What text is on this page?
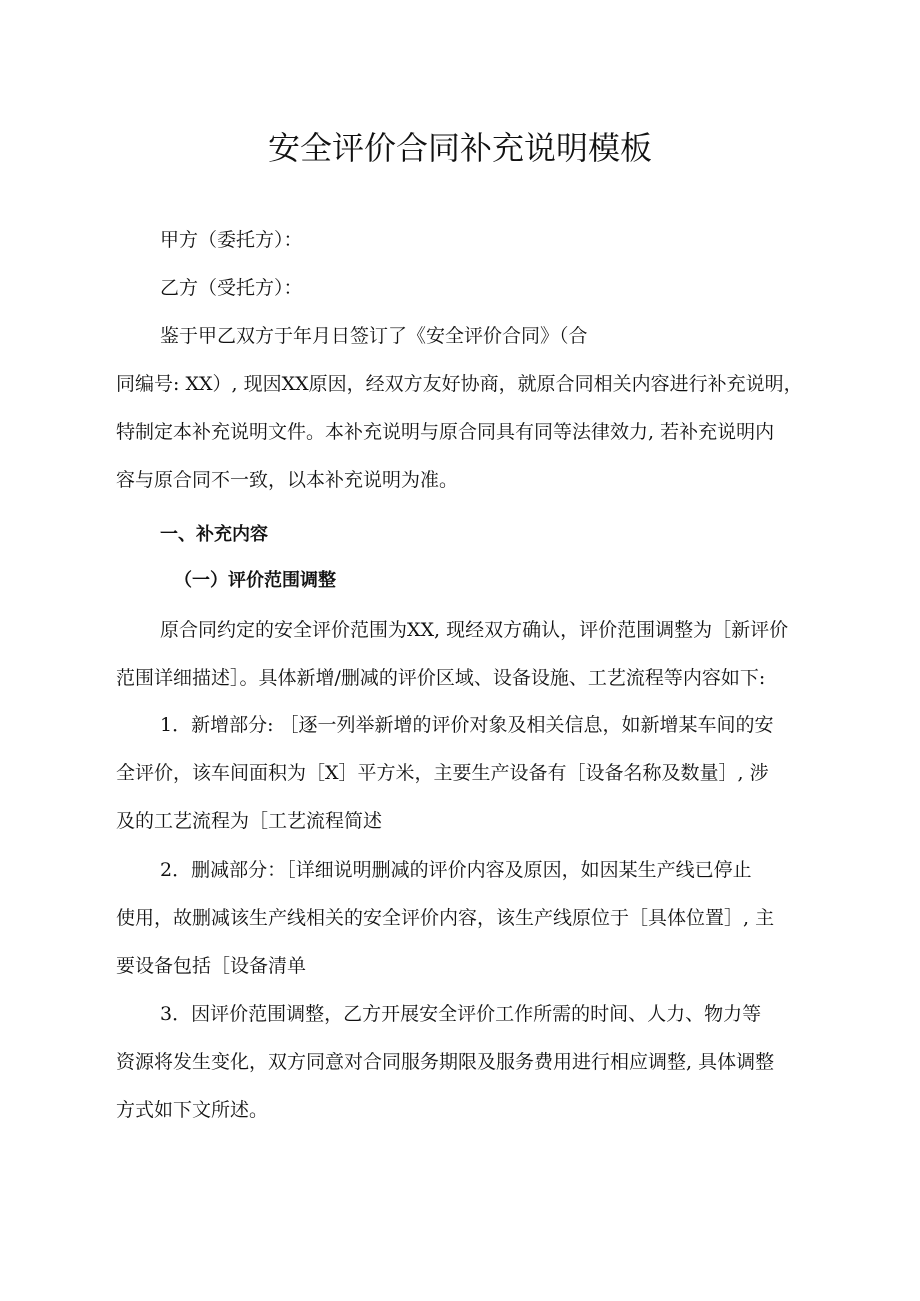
安全评价合同补充说明模板

甲方（委托方）：

乙方（受托方）：

鉴于甲乙双方于年月日签订了《安全评价合同》（合
同编号: XX）, 现因XX原因，经双方友好协商，就原合同相关内容进行补充说明，
特制定本补充说明文件。本补充说明与原合同具有同等法律效力, 若补充说明内
容与原合同不一致，以本补充说明为准。

一、补充内容

（一）评价范围调整

原合同约定的安全评价范围为XX, 现经双方确认，评价范围调整为［新评价
范围详细描述］。具体新增/删减的评价区域、设备设施、工艺流程等内容如下:

1．新增部分: ［逐一列举新增的评价对象及相关信息，如新增某车间的安
全评价，该车间面积为［X］平方米，主要生产设备有［设备名称及数量］, 涉
及的工艺流程为［工艺流程简述

2．删减部分：［详细说明删减的评价内容及原因，如因某生产线已停止
使用，故删减该生产线相关的安全评价内容，该生产线原位于［具体位置］, 主
要设备包括［设备清单

3．因评价范围调整，乙方开展安全评价工作所需的时间、人力、物力等
资源将发生变化，双方同意对合同服务期限及服务费用进行相应调整, 具体调整
方式如下文所述。
